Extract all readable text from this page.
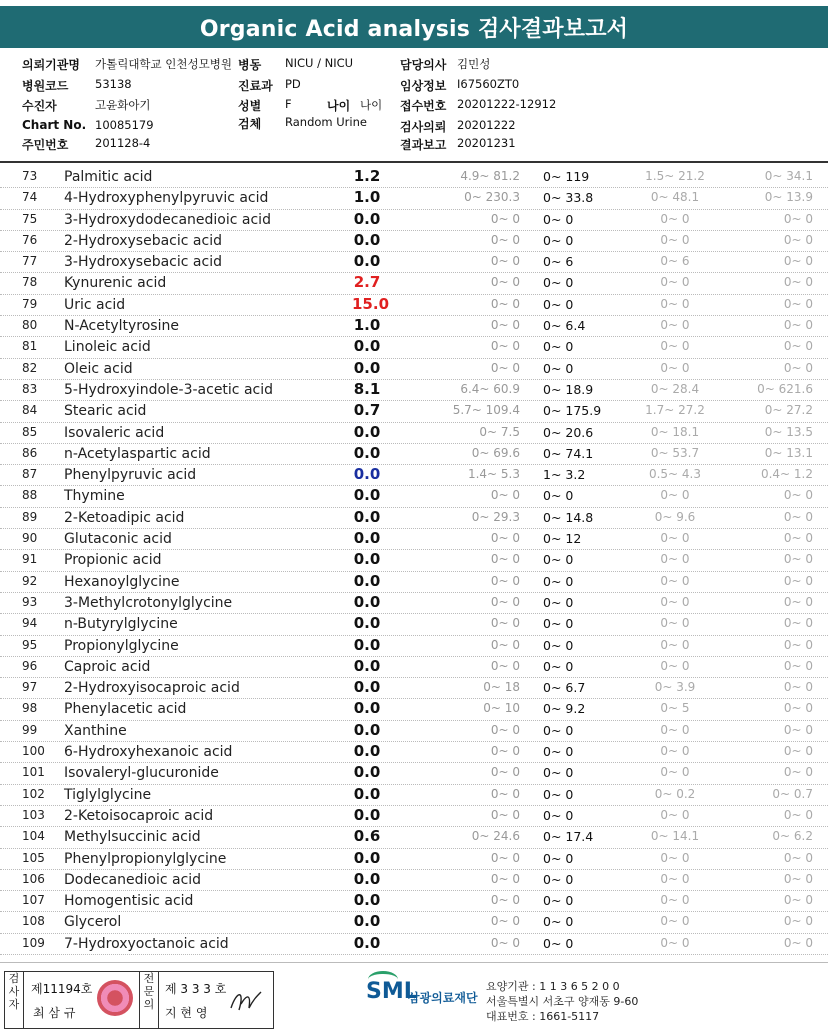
Organic Acid analysis 검사결과보고서
의뢰기관명 가톨릭대학교 인천성모병원 병동 NICU / NICU	담당의사 김민성
병원코드 53138	진료과 PD	임상정보 I67560ZT0
수진자	고윤화아기	성별 F	나이 나이 접수번호 20201222-12912
Chart No. 10085179	검체 Random Urine	검사의뢰 20201222
주민번호 201128-4	결과보고 20201231
73	Palmitic acid	1.2	4.9~ 81.2 0~ 119	1.5~ 21.2	0~ 34.1
74	4-Hydroxyphenylpyruvic acid	1.0	0~ 230.3 0~ 33.8	0~ 48.1	0~ 13.9
75	3-Hydroxydodecanedioic acid	0.0	0~ 0 0~ 0	0~ 0	0~ 0
76	2-Hydroxysebacic acid	0.0	0~ 0 0~ 0	0~ 0	0~ 0
77	3-Hydroxysebacic acid	0.0	0~ 0 0~ 6	0~ 6	0~ 0
78	Kynurenic acid	2.7	0~ 0 0~ 0	0~ 0	0~ 0
79	Uric acid	15.0	0~ 0 0~ 0	0~ 0	0~ 0
80	N-Acetyltyrosine	1.0	0~ 0 0~ 6.4	0~ 0	0~ 0
81	Linoleic acid	0.0	0~ 0 0~ 0	0~ 0	0~ 0
82	Oleic acid	0.0	0~ 0 0~ 0	0~ 0	0~ 0
83	5-Hydroxyindole-3-acetic acid	8.1	6.4~ 60.9 0~ 18.9	0~ 28.4	0~ 621.6
84	Stearic acid	0.7	5.7~ 109.4 0~ 175.9	1.7~ 27.2	0~ 27.2
85	Isovaleric acid	0.0	0~ 7.5 0~ 20.6	0~ 18.1	0~ 13.5
86	n-Acetylaspartic acid	0.0	0~ 69.6 0~ 74.1	0~ 53.7	0~ 13.1
87	Phenylpyruvic acid	0.0	1.4~ 5.3 1~ 3.2	0.5~ 4.3	0.4~ 1.2
88	Thymine	0.0	0~ 0 0~ 0	0~ 0	0~ 0
89	2-Ketoadipic acid	0.0	0~ 29.3 0~ 14.8	0~ 9.6	0~ 0
90	Glutaconic acid	0.0	0~ 0 0~ 12	0~ 0	0~ 0
91	Propionic acid	0.0	0~ 0 0~ 0	0~ 0	0~ 0
92	Hexanoylglycine	0.0	0~ 0 0~ 0	0~ 0	0~ 0
93	3-Methylcrotonylglycine	0.0	0~ 0 0~ 0	0~ 0	0~ 0
94	n-Butyrylglycine	0.0	0~ 0 0~ 0	0~ 0	0~ 0
95	Propionylglycine	0.0	0~ 0 0~ 0	0~ 0	0~ 0
96	Caproic acid	0.0	0~ 0 0~ 0	0~ 0	0~ 0
97	2-Hydroxyisocaproic acid	0.0	0~ 18 0~ 6.7	0~ 3.9	0~ 0
98	Phenylacetic acid	0.0	0~ 10 0~ 9.2	0~ 5	0~ 0
99	Xanthine	0.0	0~ 0 0~ 0	0~ 0	0~ 0
100	6-Hydroxyhexanoic acid	0.0	0~ 0 0~ 0	0~ 0	0~ 0
101	Isovaleryl-glucuronide	0.0	0~ 0 0~ 0	0~ 0	0~ 0
102	Tiglylglycine	0.0	0~ 0 0~ 0	0~ 0.2	0~ 0.7
103	2-Ketoisocaproic acid	0.0	0~ 0 0~ 0	0~ 0	0~ 0
104	Methylsuccinic acid	0.6	0~ 24.6 0~ 17.4	0~ 14.1	0~ 6.2
105	Phenylpropionylglycine	0.0	0~ 0 0~ 0	0~ 0	0~ 0
106	Dodecanedioic acid	0.0	0~ 0 0~ 0	0~ 0	0~ 0
107	Homogentisic acid	0.0	0~ 0 0~ 0	0~ 0	0~ 0
108	Glycerol	0.0	0~ 0 0~ 0	0~ 0	0~ 0
109	7-Hydroxyoctanoic acid	0.0	0~ 0 0~ 0	0~ 0	0~ 0
검사자
제11194호
최 삼 규
전문의
제 3 3 3 호
지 현 영
SML
삼광의료재단
요양기관 : 1 1 3 6 5 2 0 0
서울특별시 서초구 양재동 9-60
대표번호 : 1661-5117
